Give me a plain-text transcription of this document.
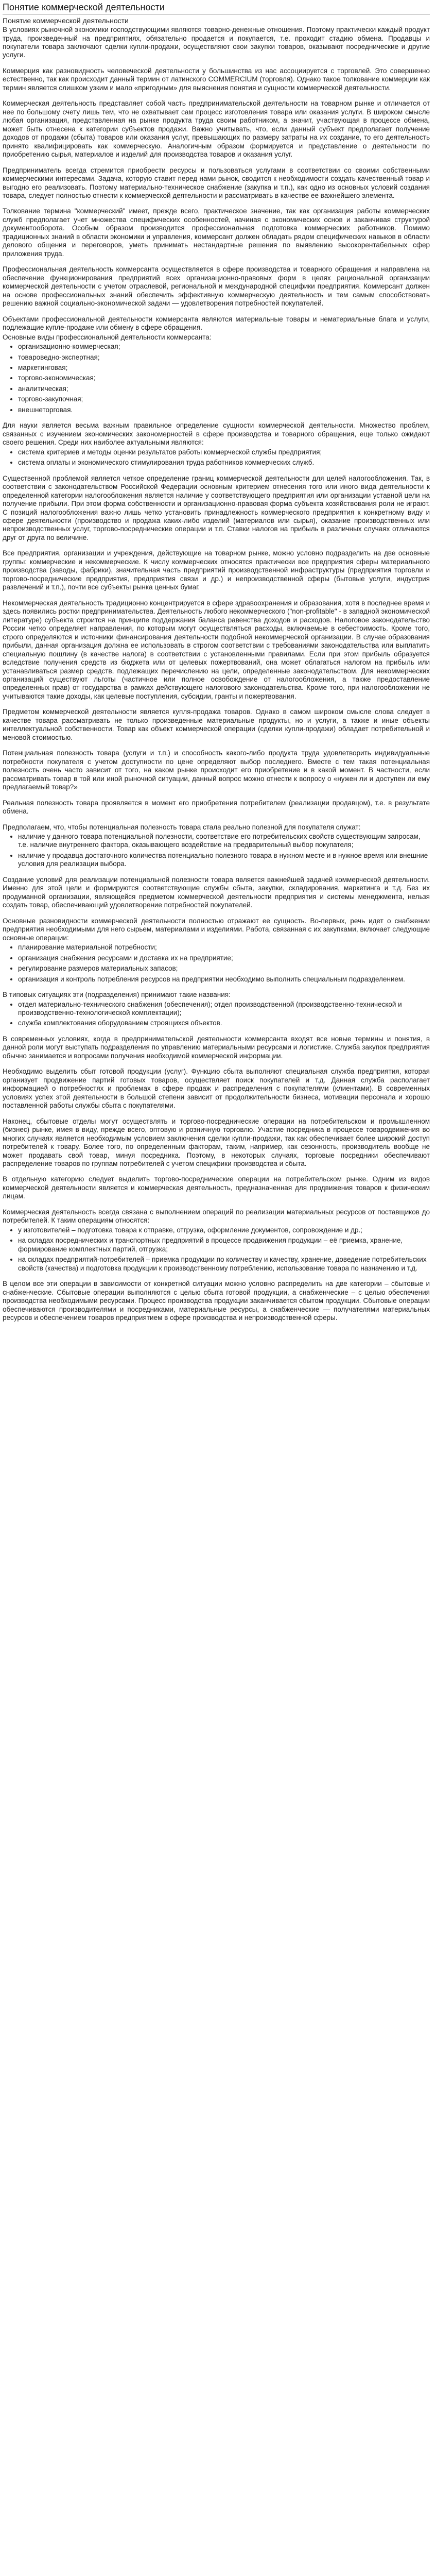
Понятие коммерческой деятельности
Понятие коммерческой деятельности

В условиях рыночной экономики господствующими являются товарно-денежные отношения. Поэтому практически каждый продукт труда, произведенный на предприятиях, обязательно продается и покупается, т.е. проходит стадию обмена. Продавцы и покупатели товара заключают сделки купли-продажи, осуществляют свои закупки товаров, оказывают посреднические и другие услуги.

Коммерция как разновидность человеческой деятельности у большинства из нас ассоциируется с торговлей. Это совершенно естественно, так как происходит данный термин от латинского COMMERCIUM (торговля). Однако такое толкование коммерции как термин является слишком узким и мало «пригодным» для выяснения понятия и сущности коммерческой деятельности.

Коммерческая деятельность представляет собой часть предпринимательской деятельности на товарном рынке и отличается от нее по большому счету лишь тем, что не охватывает сам процесс изготовления товара или оказания услуги. В широком смысле любая организация, представленная на рынке продукта труда своим работником, а значит, участвующая в процессе обмена, может быть отнесена к категории субъектов продажи. Важно учитывать, что, если данный субъект предполагает получение доходов от продажи (сбыта) товаров или оказания услуг, превышающих по размеру затраты на их создание, то его деятельность принято квалифицировать как коммерческую. Аналогичным образом формируется и представление о деятельности по приобретению сырья, материалов и изделий для производства товаров и оказания услуг.

Предприниматель всегда стремится приобрести ресурсы и пользоваться услугами в соответствии со своими собственными коммерческими интересами. Задача, которую ставит перед нами рынок, сводится к необходимости создать качественный товар и выгодно его реализовать. Поэтому материально-техническое снабжение (закупка и т.п.), как одно из основных условий создания товара, следует полностью отнести к коммерческой деятельности и рассматривать в качестве ее важнейшего элемента.

Толкование термина "коммерческий" имеет, прежде всего, практическое значение, так как организация работы коммерческих служб предполагает учет множества специфических особенностей, начиная с экономических основ и заканчивая структурой документооборота. Особым образом производится профессиональная подготовка коммерческих работников. Помимо традиционных знаний в области экономики и управления, коммерсант должен обладать рядом специфических навыков в области делового общения и переговоров, уметь принимать нестандартные решения по выявлению высокорентабельных сфер приложения труда.

Профессиональная деятельность коммерсанта осуществляется в сфере производства и товарного обращения и направлена на обеспечение функционирования предприятий всех организационно-правовых форм в целях рациональной организации коммерческой деятельности с учетом отраслевой, региональной и международной специфики предприятия. Коммерсант должен на основе профессиональных знаний обеспечить эффективную коммерческую деятельность и тем самым способствовать решению важной социально-экономической задачи — удовлетворения потребностей покупателей.

Объектами профессиональной деятельности коммерсанта являются материальные товары и нематериальные блага и услуги, подлежащие купле-продаже или обмену в сфере обращения.

Основные виды профессиональной деятельности коммерсанта:

• организационно-коммерческая;
• товароведно-экспертная;
• маркетинговая;
• торгово-экономическая;
• аналитическая;
• торгово-закупочная;
• внешнеторговая.

Для науки является весьма важным правильное определение сущности коммерческой деятельности. Множество проблем, связанных с изучением экономических закономерностей в сфере производства и товарного обращения, еще только ожидают своего решения. Среди них наиболее актуальными являются:

• система критериев и методы оценки результатов работы коммерческой службы предприятия;
• система оплаты и экономического стимулирования труда работников коммерческих служб.

Существенной проблемой является четкое определение границ коммерческой деятельности для целей налогообложения. Так, в соответствии с законодательством Российской Федерации основным критерием отнесения того или иного вида деятельности к определенной категории налогообложения является наличие у соответствующего предприятия или организации уставной цели на получение прибыли. При этом форма собственности и организационно-правовая форма субъекта хозяйствования роли не играют. С позиций налогообложения важно лишь четко установить принадлежность коммерческого предприятия к конкретному виду и сфере деятельности (производство и продажа каких-либо изделий (материалов или сырья), оказание производственных или непроизводственных услуг, торгово-посреднические операции и т.п. Ставки налогов на прибыль в различных случаях отличаются друг от друга по величине.

Все предприятия, организации и учреждения, действующие на товарном рынке, можно условно подразделить на две основные группы: коммерческие и некоммерческие. К числу коммерческих относятся практически все предприятия сферы материального производства (заводы, фабрики), значительная часть предприятий производственной инфраструктуры (предприятия торговли и торгово-посреднические предприятия, предприятия связи и др.) и непроизводственной сферы (бытовые услуги, индустрия развлечений и т.п.), почти все субъекты рынка ценных бумаг.

Некоммерческая деятельность традиционно концентрируется в сфере здравоохранения и образования, хотя в последнее время и здесь появились ростки предпринимательства. Деятельность любого некоммерческого ("non-profitable" - в западной экономической литературе) субъекта строится на принципе поддержания баланса равенства доходов и расходов. Налоговое законодательство России четко определяет направления, по которым могут осуществляться расходы, включаемые в себестоимость. Кроме того, строго определяются и источники финансирования деятельности подобной некоммерческой организации. В случае образования прибыли, данная организация должна ее использовать в строгом соответствии с требованиями законодательства или выплатить специальную пошлину (в качестве налога) в соответствии с установленными правилами. Если при этом прибыль образуется вследствие получения средств из бюджета или от целевых пожертвований, она может облагаться налогом на прибыль или устанавливаться размер средств, подлежащих перечислению на цели, определенные законодательством. Для некоммерческих организаций существуют льготы (частичное или полное освобождение от налогообложения, а также предоставление определенных прав) от государства в рамках действующего налогового законодательства. Кроме того, при налогообложении не учитываются такие доходы, как целевые поступления, субсидии, гранты и пожертвования.

Предметом коммерческой деятельности является купля-продажа товаров. Однако в самом широком смысле слова следует в качестве товара рассматривать не только произведенные материальные продукты, но и услуги, а также и иные объекты интеллектуальной собственности. Товар как объект коммерческой операции (сделки купли-продажи) обладает потребительной и меновой стоимостью.

Потенциальная полезность товара (услуги и т.п.) и способность какого-либо продукта труда удовлетворить индивидуальные потребности покупателя с учетом доступности по цене определяют выбор последнего. Вместе с тем такая потенциальная полезность очень часто зависит от того, на каком рынке происходит его приобретение и в какой момент. В частности, если рассматривать товар в той или иной рыночной ситуации, данный вопрос можно отнести к вопросу о «нужен ли и доступен ли ему предлагаемый товар?»

Реальная полезность товара проявляется в момент его приобретения потребителем (реализации продавцом), т.е. в результате обмена.

Предполагаем, что, чтобы потенциальная полезность товара стала реально полезной для покупателя служат:

• наличие у данного товара потенциальной полезности, соответствие его потребительских свойств существующим запросам, т.е. наличие внутреннего фактора, оказывающего воздействие на предварительный выбор покупателя;
• наличие у продавца достаточного количества потенциально полезного товара в нужном месте и в нужное время или внешние условия для реализации выбора.

Создание условий для реализации потенциальной полезности товара является важнейшей задачей коммерческой деятельности. Именно для этой цели и формируются соответствующие службы сбыта, закупки, складирования, маркетинга и т.д. Без их продуманной организации, являющейся предметом коммерческой деятельности предприятия и системы менеджмента, нельзя создать товар, обеспечивающий удовлетворение потребностей покупателей.

Основные разновидности коммерческой деятельности полностью отражают ее сущность. Во-первых, речь идет о снабжении предприятия необходимыми для него сырьем, материалами и изделиями. Работа, связанная с их закупками, включает следующие основные операции:

• планирование материальной потребности;
• организация снабжения ресурсами и доставка их на предприятие;
• регулирование размеров материальных запасов;
• организация и контроль потребления ресурсов на предприятии необходимо выполнить специальным подразделением.

В типовых ситуациях эти (подразделения) принимают такие названия:

• отдел материально-технического снабжения (обеспечения); отдел производственной (производственно-технической и производственно-технологической комплектации);
• служба комплектования оборудованием строящихся объектов.

В современных условиях, когда в предпринимательской деятельности коммерсанта входят все новые термины и понятия, в данной роли могут выступать подразделения по управлению материальными ресурсами и логистике. Служба закупок предприятия обычно занимается и вопросами получения необходимой коммерческой информации.

Необходимо выделить сбыт готовой продукции (услуг). Функцию сбыта выполняют специальная служба предприятия, которая организует продвижение партий готовых товаров, осуществляет поиск покупателей и т.д. Данная служба располагает информацией о потребностях и проблемах в сфере продаж и распределения с покупателями (клиентами). В современных условиях успех этой деятельности в большой степени зависит от продолжительности бизнеса, мотивации персонала и хорошо поставленной работы службы сбыта с покупателями.

Наконец, сбытовые отделы могут осуществлять и торгово-посреднические операции на потребительском и промышленном (бизнес) рынке, имея в виду, прежде всего, оптовую и розничную торговлю. Участие посредника в процессе товародвижения во многих случаях является необходимым условием заключения сделки купли-продажи, так как обеспечивает более широкий доступ потребителей к товару. Более того, по определенным факторам, таким, например, как сезонность, производитель вообще не может продавать свой товар, минуя посредника. Поэтому, в некоторых случаях, торговые посредники обеспечивают распределение товаров по группам потребителей с учетом специфики производства и сбыта.

В отдельную категорию следует выделить торгово-посреднические операции на потребительском рынке. Одним из видов коммерческой деятельности является и коммерческая деятельность, предназначенная для продвижения товаров к физическим лицам.

Коммерческая деятельность всегда связана с выполнением операций по реализации материальных ресурсов от поставщиков до потребителей. К таким операциям относятся:

• у изготовителей – подготовка товара к отправке, отгрузка, оформление документов, сопровождение и др.;
• на складах посреднических и транспортных предприятий в процессе продвижения продукции – её приемка, хранение, формирование комплектных партий, отгрузка;
• на складах предприятий-потребителей – приемка продукции по количеству и качеству, хранение, доведение потребительских свойств (качества) и подготовка продукции к производственному потреблению, использование товара по назначению и т.д.

В целом все эти операции в зависимости от конкретной ситуации можно условно распределить на две категории – сбытовые и снабженческие. Сбытовые операции выполняются с целью сбыта готовой продукции, а снабженческие – с целью обеспечения производства необходимыми ресурсами. Процесс производства продукции заканчивается сбытом продукции. Сбытовые операции обеспечиваются производителями и посредниками, материальные ресурсы, а снабженческие — получателями материальных ресурсов и обеспечением товаров предприятием в сфере производства и непроизводственной сферы.
